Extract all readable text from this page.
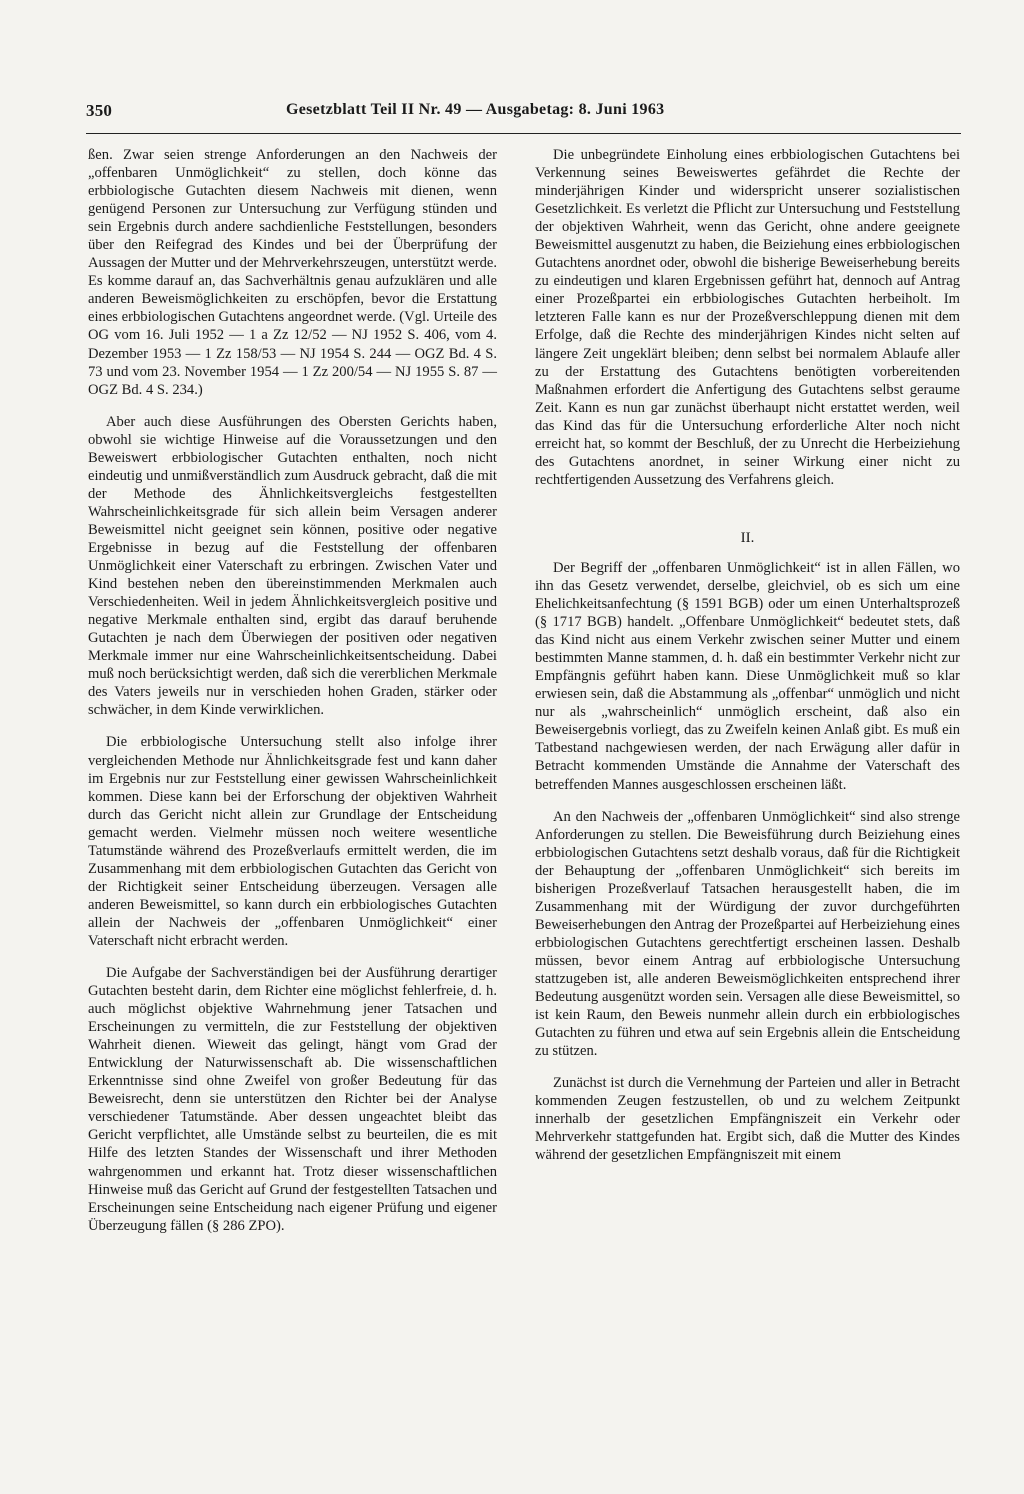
350	Gesetzblatt Teil II Nr. 49 — Ausgabetag: 8. Juni 1963

ßen. Zwar seien strenge Anforderungen an den Nachweis der „offenbaren Unmöglichkeit“ zu stellen, doch könne das erbbiologische Gutachten diesem Nachweis mit dienen, wenn genügend Personen zur Untersuchung zur Verfügung stünden und sein Ergebnis durch andere sachdienliche Feststellungen, besonders über den Reifegrad des Kindes und bei der Überprüfung der Aussagen der Mutter und der Mehrverkehrszeugen, unterstützt werde. Es komme darauf an, das Sachverhältnis genau aufzuklären und alle anderen Beweismöglichkeiten zu erschöpfen, bevor die Erstattung eines erbbiologischen Gutachtens angeordnet werde. (Vgl. Urteile des OG vom 16. Juli 1952 — 1 a Zz 12/52 — NJ 1952 S. 406, vom 4. Dezember 1953 — 1 Zz 158/53 — NJ 1954 S. 244 — OGZ Bd. 4 S. 73 und vom 23. November 1954 — 1 Zz 200/54 — NJ 1955 S. 87 — OGZ Bd. 4 S. 234.)

Aber auch diese Ausführungen des Obersten Gerichts haben, obwohl sie wichtige Hinweise auf die Voraussetzungen und den Beweiswert erbbiologischer Gutachten enthalten, noch nicht eindeutig und unmißverständlich zum Ausdruck gebracht, daß die mit der Methode des Ähnlichkeitsvergleichs festgestellten Wahrscheinlichkeitsgrade für sich allein beim Versagen anderer Beweismittel nicht geeignet sein können, positive oder negative Ergebnisse in bezug auf die Feststellung der offenbaren Unmöglichkeit einer Vaterschaft zu erbringen. Zwischen Vater und Kind bestehen neben den übereinstimmenden Merkmalen auch Verschiedenheiten. Weil in jedem Ähnlichkeitsvergleich positive und negative Merkmale enthalten sind, ergibt das darauf beruhende Gutachten je nach dem Überwiegen der positiven oder negativen Merkmale immer nur eine Wahrscheinlichkeitsentscheidung. Dabei muß noch berücksichtigt werden, daß sich die vererblichen Merkmale des Vaters jeweils nur in verschieden hohen Graden, stärker oder schwächer, in dem Kinde verwirklichen.

Die erbbiologische Untersuchung stellt also infolge ihrer vergleichenden Methode nur Ähnlichkeitsgrade fest und kann daher im Ergebnis nur zur Feststellung einer gewissen Wahrscheinlichkeit kommen. Diese kann bei der Erforschung der objektiven Wahrheit durch das Gericht nicht allein zur Grundlage der Entscheidung gemacht werden. Vielmehr müssen noch weitere wesentliche Tatumstände während des Prozeßverlaufs ermittelt werden, die im Zusammenhang mit dem erbbiologischen Gutachten das Gericht von der Richtigkeit seiner Entscheidung überzeugen. Versagen alle anderen Beweismittel, so kann durch ein erbbiologisches Gutachten allein der Nachweis der „offenbaren Unmöglichkeit“ einer Vaterschaft nicht erbracht werden.

Die Aufgabe der Sachverständigen bei der Ausführung derartiger Gutachten besteht darin, dem Richter eine möglichst fehlerfreie, d. h. auch möglichst objektive Wahrnehmung jener Tatsachen und Erscheinungen zu vermitteln, die zur Feststellung der objektiven Wahrheit dienen. Wieweit das gelingt, hängt vom Grad der Entwicklung der Naturwissenschaft ab. Die wissenschaftlichen Erkenntnisse sind ohne Zweifel von großer Bedeutung für das Beweisrecht, denn sie unterstützen den Richter bei der Analyse verschiedener Tatumstände. Aber dessen ungeachtet bleibt das Gericht verpflichtet, alle Umstände selbst zu beurteilen, die es mit Hilfe des letzten Standes der Wissenschaft und ihrer Methoden wahrgenommen und erkannt hat. Trotz dieser wissenschaftlichen Hinweise muß das Gericht auf Grund der festgestellten Tatsachen und Erscheinungen seine Entscheidung nach eigener Prüfung und eigener Überzeugung fällen (§ 286 ZPO).

Die unbegründete Einholung eines erbbiologischen Gutachtens bei Verkennung seines Beweiswertes gefährdet die Rechte der minderjährigen Kinder und widerspricht unserer sozialistischen Gesetzlichkeit. Es verletzt die Pflicht zur Untersuchung und Feststellung der objektiven Wahrheit, wenn das Gericht, ohne andere geeignete Beweismittel ausgenutzt zu haben, die Beiziehung eines erbbiologischen Gutachtens anordnet oder, obwohl die bisherige Beweiserhebung bereits zu eindeutigen und klaren Ergebnissen geführt hat, dennoch auf Antrag einer Prozeßpartei ein erbbiologisches Gutachten herbeiholt. Im letzteren Falle kann es nur der Prozeßverschleppung dienen mit dem Erfolge, daß die Rechte des minderjährigen Kindes nicht selten auf längere Zeit ungeklärt bleiben; denn selbst bei normalem Ablaufe aller zu der Erstattung des Gutachtens benötigten vorbereitenden Maßnahmen erfordert die Anfertigung des Gutachtens selbst geraume Zeit. Kann es nun gar zunächst überhaupt nicht erstattet werden, weil das Kind das für die Untersuchung erforderliche Alter noch nicht erreicht hat, so kommt der Beschluß, der zu Unrecht die Herbeiziehung des Gutachtens anordnet, in seiner Wirkung einer nicht zu rechtfertigenden Aussetzung des Verfahrens gleich.

II.

Der Begriff der „offenbaren Unmöglichkeit“ ist in allen Fällen, wo ihn das Gesetz verwendet, derselbe, gleichviel, ob es sich um eine Ehelichkeitsanfechtung (§ 1591 BGB) oder um einen Unterhaltsprozeß (§ 1717 BGB) handelt. „Offenbare Unmöglichkeit“ bedeutet stets, daß das Kind nicht aus einem Verkehr zwischen seiner Mutter und einem bestimmten Manne stammen, d. h. daß ein bestimmter Verkehr nicht zur Empfängnis geführt haben kann. Diese Unmöglichkeit muß so klar erwiesen sein, daß die Abstammung als „offenbar“ unmöglich und nicht nur als „wahrscheinlich“ unmöglich erscheint, daß also ein Beweisergebnis vorliegt, das zu Zweifeln keinen Anlaß gibt. Es muß ein Tatbestand nachgewiesen werden, der nach Erwägung aller dafür in Betracht kommenden Umstände die Annahme der Vaterschaft des betreffenden Mannes ausgeschlossen erscheinen läßt.

An den Nachweis der „offenbaren Unmöglichkeit“ sind also strenge Anforderungen zu stellen. Die Beweisführung durch Beiziehung eines erbbiologischen Gutachtens setzt deshalb voraus, daß für die Richtigkeit der Behauptung der „offenbaren Unmöglichkeit“ sich bereits im bisherigen Prozeßverlauf Tatsachen herausgestellt haben, die im Zusammenhang mit der Würdigung der zuvor durchgeführten Beweiserhebungen den Antrag der Prozeßpartei auf Herbeiziehung eines erbbiologischen Gutachtens gerechtfertigt erscheinen lassen. Deshalb müssen, bevor einem Antrag auf erbbiologische Untersuchung stattzugeben ist, alle anderen Beweismöglichkeiten entsprechend ihrer Bedeutung ausgenützt worden sein. Versagen alle diese Beweismittel, so ist kein Raum, den Beweis nunmehr allein durch ein erbbiologisches Gutachten zu führen und etwa auf sein Ergebnis allein die Entscheidung zu stützen.

Zunächst ist durch die Vernehmung der Parteien und aller in Betracht kommenden Zeugen festzustellen, ob und zu welchem Zeitpunkt innerhalb der gesetzlichen Empfängniszeit ein Verkehr oder Mehrverkehr stattgefunden hat. Ergibt sich, daß die Mutter des Kindes während der gesetzlichen Empfängniszeit mit einem
